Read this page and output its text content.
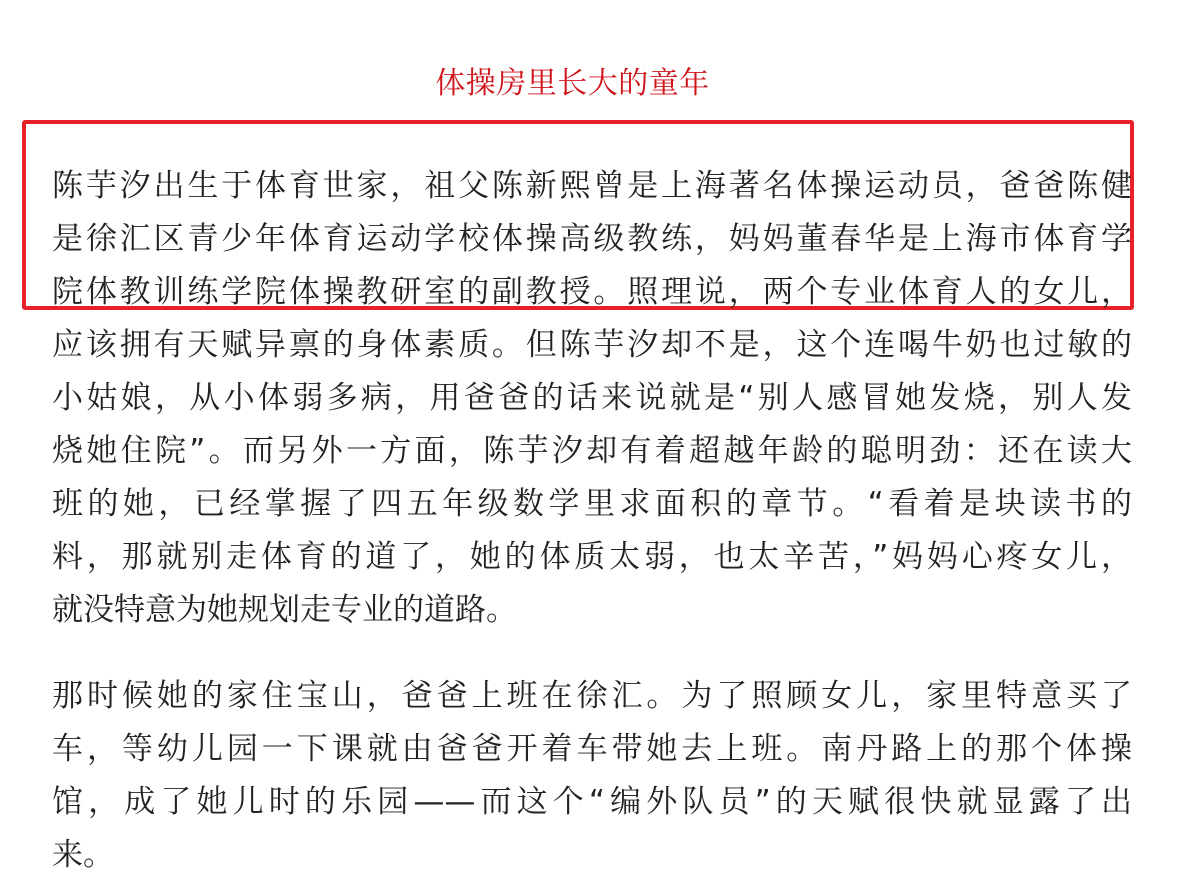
体操房里长大的童年
陈芋汐出生于体育世家，祖父陈新熙曾是上海著名体操运动员，爸爸陈健
是徐汇区青少年体育运动学校体操高级教练，妈妈董春华是上海市体育学
院体教训练学院体操教研室的副教授。照理说，两个专业体育人的女儿，
应该拥有天赋异禀的身体素质。但陈芋汐却不是，这个连喝牛奶也过敏的
小姑娘，从小体弱多病，用爸爸的话来说就是“别人感冒她发烧，别人发
烧她住院”。而另外一方面，陈芋汐却有着超越年龄的聪明劲：还在读大
班的她，已经掌握了四五年级数学里求面积的章节。“看着是块读书的
料，那就别走体育的道了，她的体质太弱，也太辛苦，”妈妈心疼女儿，
就没特意为她规划走专业的道路。
那时候她的家住宝山，爸爸上班在徐汇。为了照顾女儿，家里特意买了
车，等幼儿园一下课就由爸爸开着车带她去上班。南丹路上的那个体操
馆，成了她儿时的乐园——而这个“编外队员”的天赋很快就显露了出
来。
